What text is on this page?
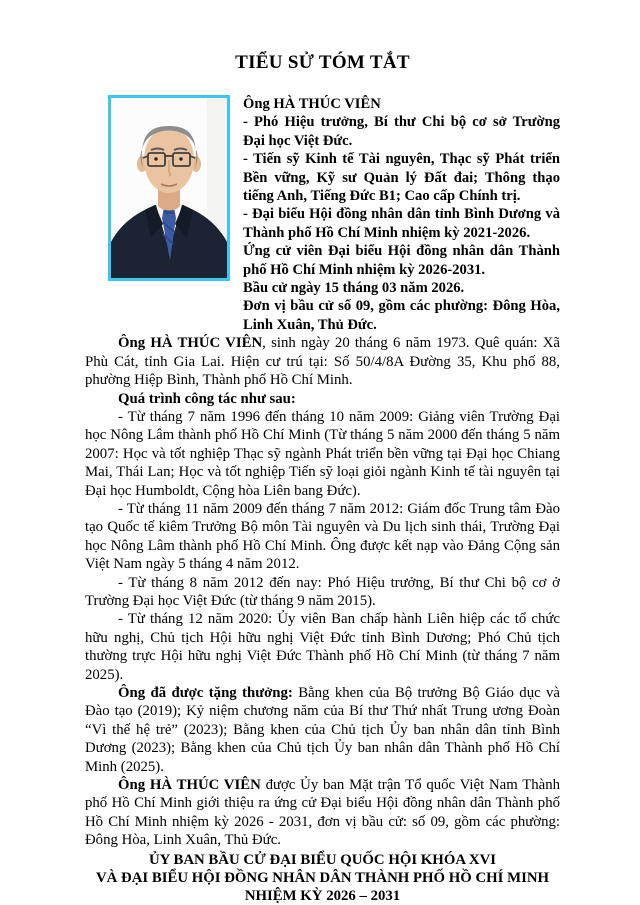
TIỂU SỬ TÓM TẮT

Ông HÀ THÚC VIÊN

- Phó Hiệu trưởng, Bí thư Chi bộ cơ sở Trường Đại học Việt Đức.

- Tiến sỹ Kinh tế Tài nguyên, Thạc sỹ Phát triển Bền vững, Kỹ sư Quản lý Đất đai; Thông thạo tiếng Anh, Tiếng Đức B1; Cao cấp Chính trị.

- Đại biểu Hội đồng nhân dân tỉnh Bình Dương và Thành phố Hồ Chí Minh nhiệm kỳ 2021-2026.

Ứng cử viên Đại biểu Hội đồng nhân dân Thành phố Hồ Chí Minh nhiệm kỳ 2026-2031.

Bầu cử ngày 15 tháng 03 năm 2026.

Đơn vị bầu cử số 09, gồm các phường: Đông Hòa, Linh Xuân, Thủ Đức.

Ông HÀ THÚC VIÊN, sinh ngày 20 tháng 6 năm 1973. Quê quán: Xã Phù Cát, tỉnh Gia Lai. Hiện cư trú tại: Số 50/4/8A Đường 35, Khu phố 88, phường Hiệp Bình, Thành phố Hồ Chí Minh.

Quá trình công tác như sau:

- Từ tháng 7 năm 1996 đến tháng 10 năm 2009: Giảng viên Trường Đại học Nông Lâm thành phố Hồ Chí Minh (Từ tháng 5 năm 2000 đến tháng 5 năm 2007: Học và tốt nghiệp Thạc sỹ ngành Phát triển bền vững tại Đại học Chiang Mai, Thái Lan; Học và tốt nghiệp Tiến sỹ loại giỏi ngành Kinh tế tài nguyên tại Đại học Humboldt, Cộng hòa Liên bang Đức).

- Từ tháng 11 năm 2009 đến tháng 7 năm 2012: Giám đốc Trung tâm Đào tạo Quốc tế kiêm Trưởng Bộ môn Tài nguyên và Du lịch sinh thái, Trường Đại học Nông Lâm thành phố Hồ Chí Minh. Ông được kết nạp vào Đảng Cộng sản Việt Nam ngày 5 tháng 4 năm 2012.

- Từ tháng 8 năm 2012 đến nay: Phó Hiệu trưởng, Bí thư Chi bộ cơ ở Trường Đại học Việt Đức (từ tháng 9 năm 2015).

- Từ tháng 12 năm 2020: Ủy viên Ban chấp hành Liên hiệp các tổ chức hữu nghị, Chủ tịch Hội hữu nghị Việt Đức tỉnh Bình Dương; Phó Chủ tịch thường trực Hội hữu nghị Việt Đức Thành phố Hồ Chí Minh (từ tháng 7 năm 2025).

Ông đã được tặng thưởng: Bằng khen của Bộ trưởng Bộ Giáo dục và Đào tạo (2019); Kỷ niệm chương năm của Bí thư Thứ nhất Trung ương Đoàn “Vì thế hệ trẻ” (2023); Bằng khen của Chủ tịch Ủy ban nhân dân tỉnh Bình Dương (2023); Bằng khen của Chủ tịch Ủy ban nhân dân Thành phố Hồ Chí Minh (2025).

Ông HÀ THÚC VIÊN được Ủy ban Mặt trận Tổ quốc Việt Nam Thành phố Hồ Chí Minh giới thiệu ra ứng cử Đại biểu Hội đồng nhân dân Thành phố Hồ Chí Minh nhiệm kỳ 2026 - 2031, đơn vị bầu cử: số 09, gồm các phường: Đông Hòa, Linh Xuân, Thủ Đức.

ỦY BAN BẦU CỬ ĐẠI BIỂU QUỐC HỘI KHÓA XVI

VÀ ĐẠI BIỂU HỘI ĐỒNG NHÂN DÂN THÀNH PHỐ HỒ CHÍ MINH

NHIỆM KỲ 2026 – 2031
